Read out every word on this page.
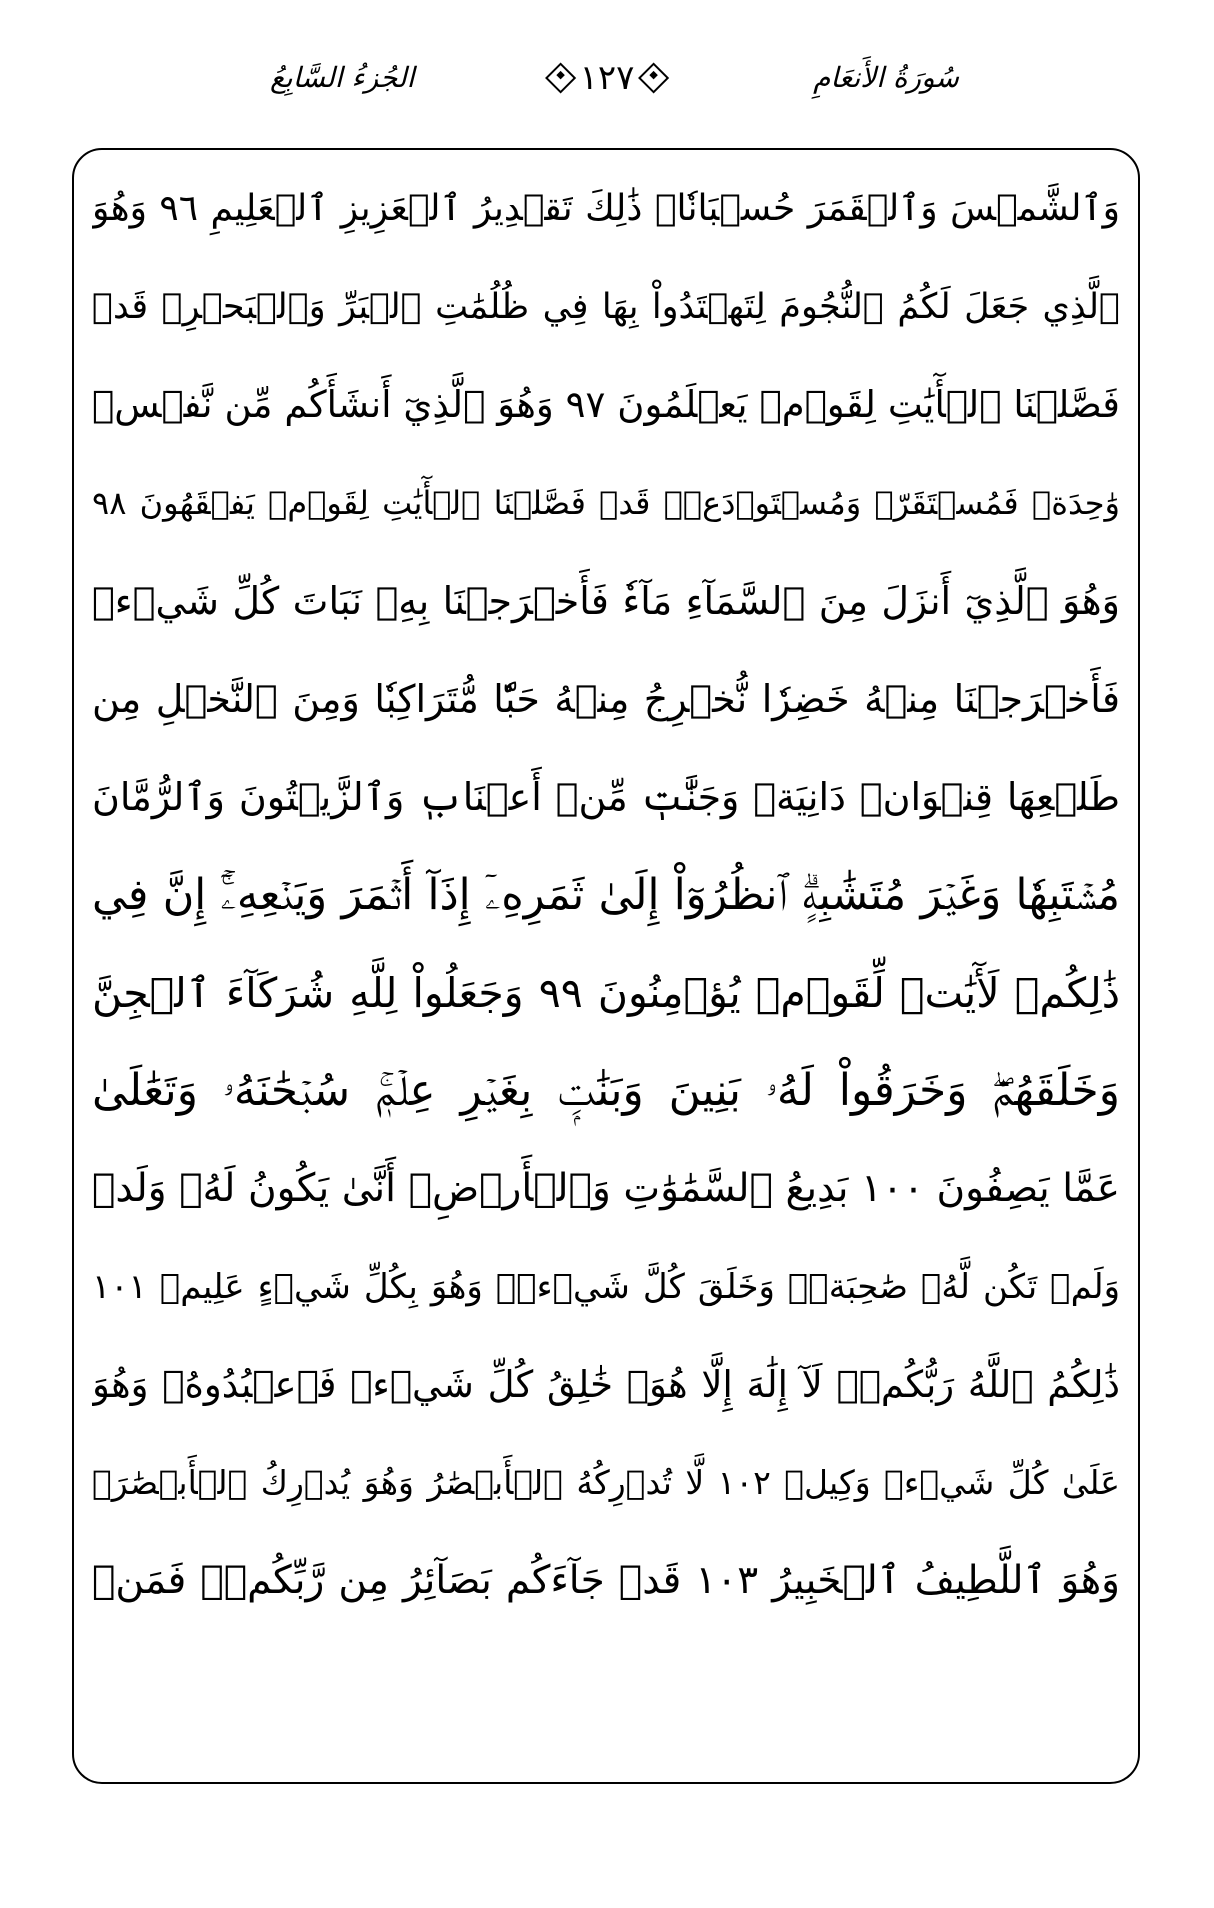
الجُزءُ السَّابِعُ	١٢٧	سُورَةُ الأَنعَامِ
وَٱلشَّمۡسَ وَٱلۡقَمَرَ حُسۡبَانٗاۚ ذَٰلِكَ تَقۡدِيرُ ٱلۡعَزِيزِ ٱلۡعَلِيمِ ٩٦ وَهُوَ
ٱلَّذِي جَعَلَ لَكُمُ ٱلنُّجُومَ لِتَهۡتَدُواْ بِهَا فِي ظُلُمَٰتِ ٱلۡبَرِّ وَٱلۡبَحۡرِۗ قَدۡ
فَصَّلۡنَا ٱلۡأٓيَٰتِ لِقَوۡمٖ يَعۡلَمُونَ ٩٧ وَهُوَ ٱلَّذِيٓ أَنشَأَكُم مِّن نَّفۡسٖ
وَٰحِدَةٖ فَمُسۡتَقَرّٞ وَمُسۡتَوۡدَعٞۗ قَدۡ فَصَّلۡنَا ٱلۡأٓيَٰتِ لِقَوۡمٖ يَفۡقَهُونَ ٩٨
وَهُوَ ٱلَّذِيٓ أَنزَلَ مِنَ ٱلسَّمَآءِ مَآءٗ فَأَخۡرَجۡنَا بِهِۦ نَبَاتَ كُلِّ شَيۡءٖ
فَأَخۡرَجۡنَا مِنۡهُ خَضِرٗا نُّخۡرِجُ مِنۡهُ حَبّٗا مُّتَرَاكِبٗا وَمِنَ ٱلنَّخۡلِ مِن
طَلۡعِهَا قِنۡوَانٞ دَانِيَةٞ وَجَنَّٰتٖ مِّنۡ أَعۡنَابٖ وَٱلزَّيۡتُونَ وَٱلرُّمَّانَ
مُشۡتَبِهٗا وَغَيۡرَ مُتَشَٰبِهٍۗ ٱنظُرُوٓاْ إِلَىٰ ثَمَرِهِۦٓ إِذَآ أَثۡمَرَ وَيَنۡعِهِۦٓۚ إِنَّ فِي
ذَٰلِكُمۡ لَأٓيَٰتٖ لِّقَوۡمٖ يُؤۡمِنُونَ ٩٩ وَجَعَلُواْ لِلَّهِ شُرَكَآءَ ٱلۡجِنَّ
وَخَلَقَهُمۡۖ وَخَرَقُواْ لَهُۥ بَنِينَ وَبَنَٰتِۭ بِغَيۡرِ عِلۡمٖۚ سُبۡحَٰنَهُۥ وَتَعَٰلَىٰ
عَمَّا يَصِفُونَ ١٠٠ بَدِيعُ ٱلسَّمَٰوَٰتِ وَٱلۡأَرۡضِۖ أَنَّىٰ يَكُونُ لَهُۥ وَلَدٞ
وَلَمۡ تَكُن لَّهُۥ صَٰحِبَةٞۖ وَخَلَقَ كُلَّ شَيۡءٖۖ وَهُوَ بِكُلِّ شَيۡءٍ عَلِيمٞ ١٠١
ذَٰلِكُمُ ٱللَّهُ رَبُّكُمۡۖ لَآ إِلَٰهَ إِلَّا هُوَۖ خَٰلِقُ كُلِّ شَيۡءٖ فَٱعۡبُدُوهُۚ وَهُوَ
عَلَىٰ كُلِّ شَيۡءٖ وَكِيلٞ ١٠٢ لَّا تُدۡرِكُهُ ٱلۡأَبۡصَٰرُ وَهُوَ يُدۡرِكُ ٱلۡأَبۡصَٰرَۖ
وَهُوَ ٱللَّطِيفُ ٱلۡخَبِيرُ ١٠٣ قَدۡ جَآءَكُم بَصَآئِرُ مِن رَّبِّكُمۡۖ فَمَنۡ
